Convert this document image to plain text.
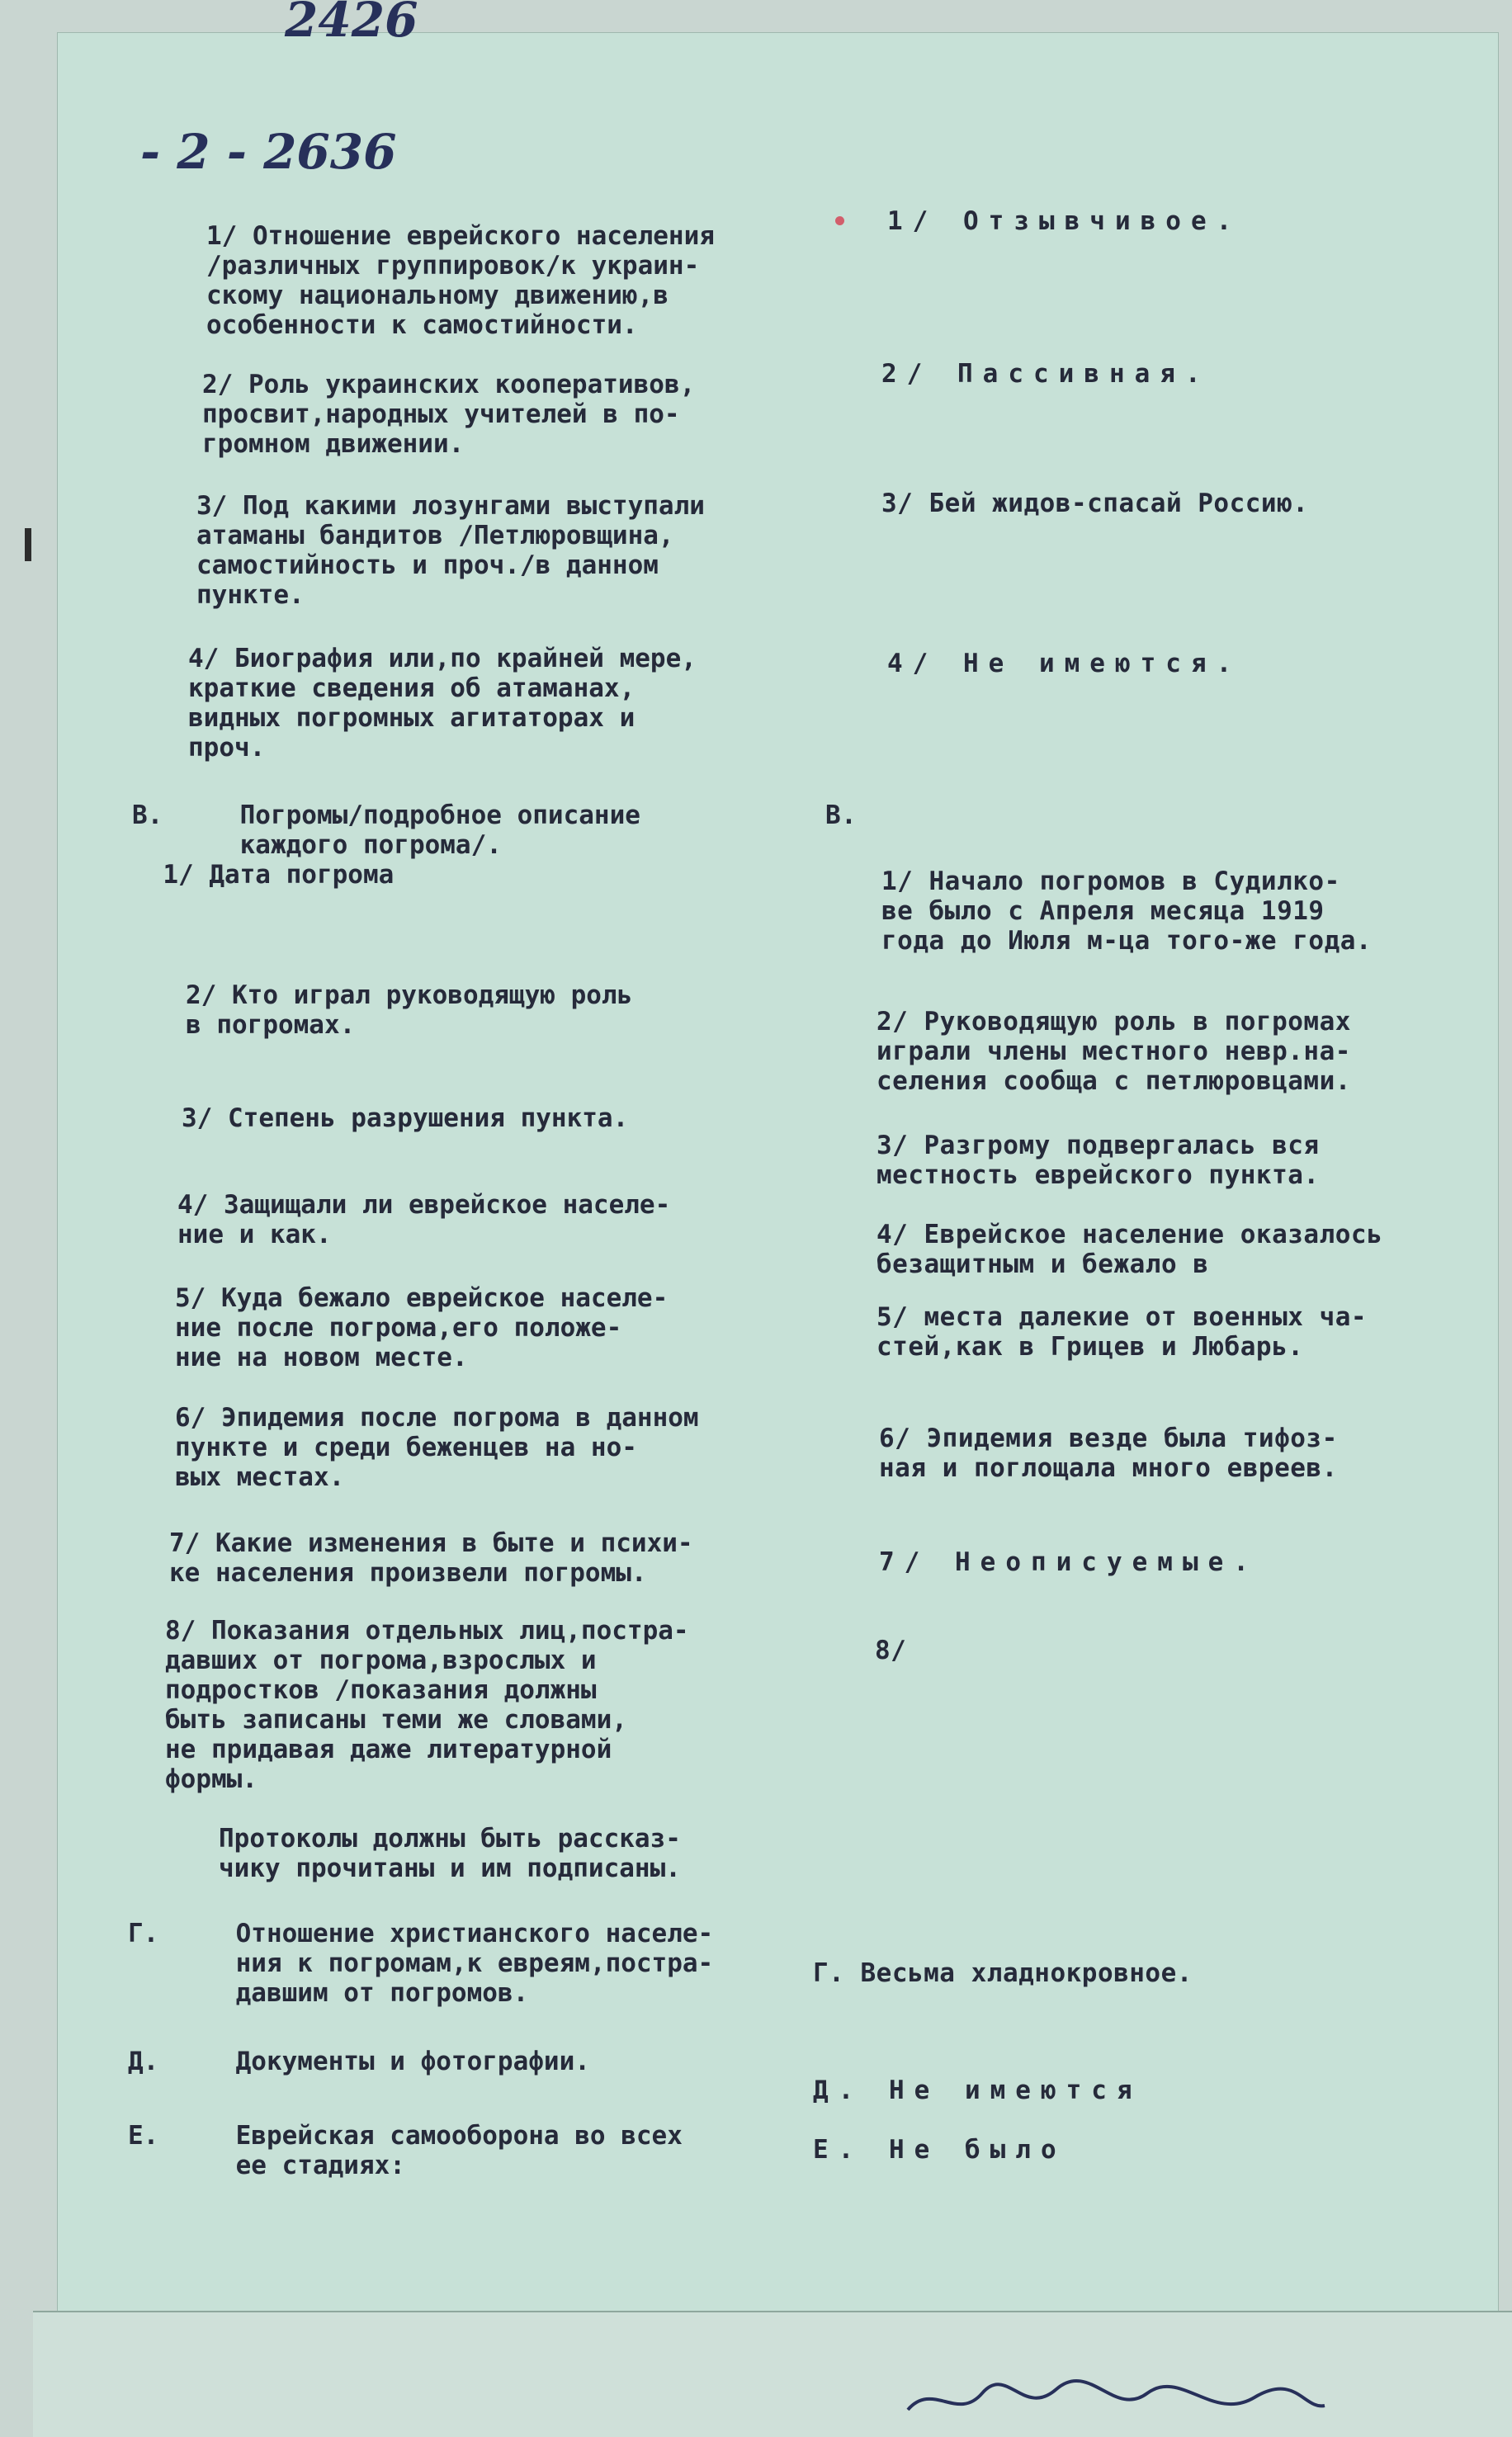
2426
- 2 - 2636
1/ Отношение еврейского населения
/различных группировок/к украин-
скому национальному движению,в
особенности к самостийности.
2/ Роль украинских кооперативов,
просвит,народных учителей в по-
громном движении.
3/ Под какими лозунгами выступали
атаманы бандитов /Петлюровщина,
самостийность и проч./в данном
пункте.
4/ Биография или,по крайней мере,
краткие сведения об атаманах,
видных погромных агитаторах и
проч.
В.     Погромы/подробное описание
каждого погрома/.
1/ Дата погрома
2/ Кто играл руководящую роль
в погромах.
3/ Степень разрушения пункта.
4/ Защищали ли еврейское населе-
ние и как.
5/ Куда бежало еврейское населе-
ние после погрома,его положе-
ние на новом месте.
6/ Эпидемия после погрома в данном
пункте и среди беженцев на но-
вых местах.
7/ Какие изменения в быте и психи-
ке населения произвели погромы.
8/ Показания отдельных лиц,постра-
давших от погрома,взрослых и
подростков /показания должны
быть записаны теми же словами,
не придавая даже литературной
формы.
Протоколы должны быть рассказ-
чику прочитаны и им подписаны.
Г.     Отношение христианского населе-
ния к погромам,к евреям,постра-
давшим от погромов.
Д.     Документы и фотографии.
Е.     Еврейская самооборона во всех
ее стадиях:
1/ Отзывчивое.
2/ Пассивная.
3/ Бей жидов-спасай Россию.
4/ Не имеются.
В.
1/ Начало погромов в Судилко-
ве было с Апреля месяца 1919
года до Июля м-ца того-же года.
2/ Руководящую роль в погромах
играли члены местного невр.на-
селения сообща с петлюровцами.
3/ Разгрому подвергалась вся
местность еврейского пункта.
4/ Еврейское население оказалось
безащитным и бежало в
5/ места далекие от военных ча-
стей,как в Грицев и Любарь.
6/ Эпидемия везде была тифоз-
ная и поглощала много евреев.
7/ Неописуемые.
8/
Г. Весьма хладнокровное.
Д. Не имеются
Е. Не было
